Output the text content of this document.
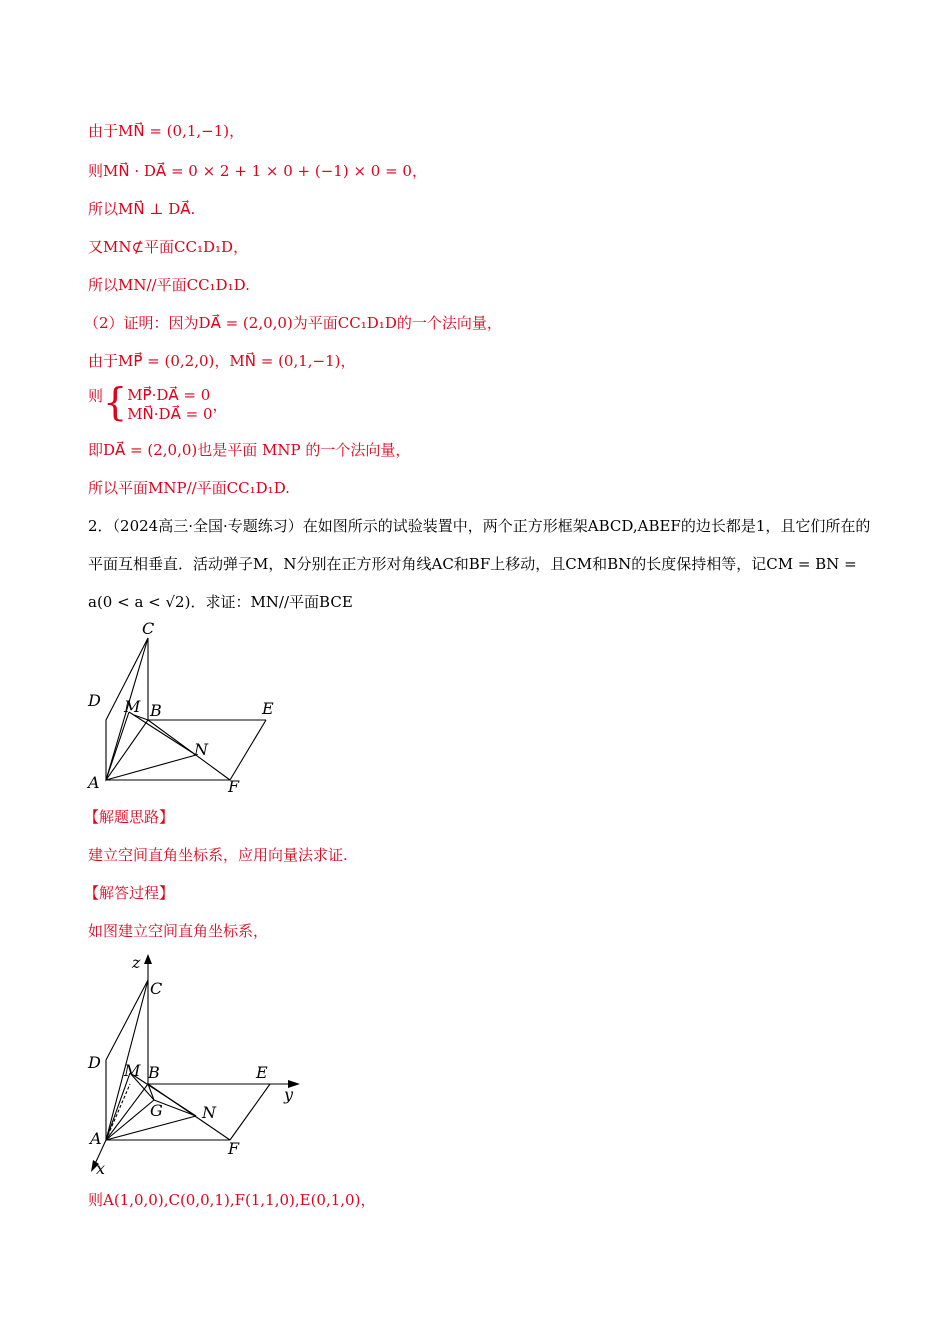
由于MN⃗ = (0,1,−1)，
则MN⃗ · DA⃗ = 0 × 2 + 1 × 0 + (−1) × 0 = 0，
所以MN⃗ ⊥ DA⃗.
又MN⊄平面CC₁D₁D，
所以MN//平面CC₁D₁D.
（2）证明：因为DA⃗ = (2,0,0)为平面CC₁D₁D的一个法向量，
由于MP⃗ = (0,2,0)，MN⃗ = (0,1,−1)，
则{MP⃗·DA⃗ = 0
MN⃗·DA⃗ = 0，
即DA⃗ = (2,0,0)也是平面 MNP 的一个法向量，
所以平面MNP//平面CC₁D₁D.
2．（2024高三·全国·专题练习）在如图所示的试验装置中，两个正方形框架ABCD,ABEF的边长都是1，且它们所在的平面互相垂直．活动弹子M，N分别在正方形对角线AC和BF上移动，且CM和BN的长度保持相等，记CM = BN = a(0 < a < √2)．求证：MN//平面BCE
C
D M B	E
N
A	F
【解题思路】
建立空间直角坐标系，应用向量法求证.
【解答过程】
如图建立空间直角坐标系，
z
C
D M B	E
y
G N
A
F
x
则A(1,0,0),C(0,0,1),F(1,1,0),E(0,1,0)，
